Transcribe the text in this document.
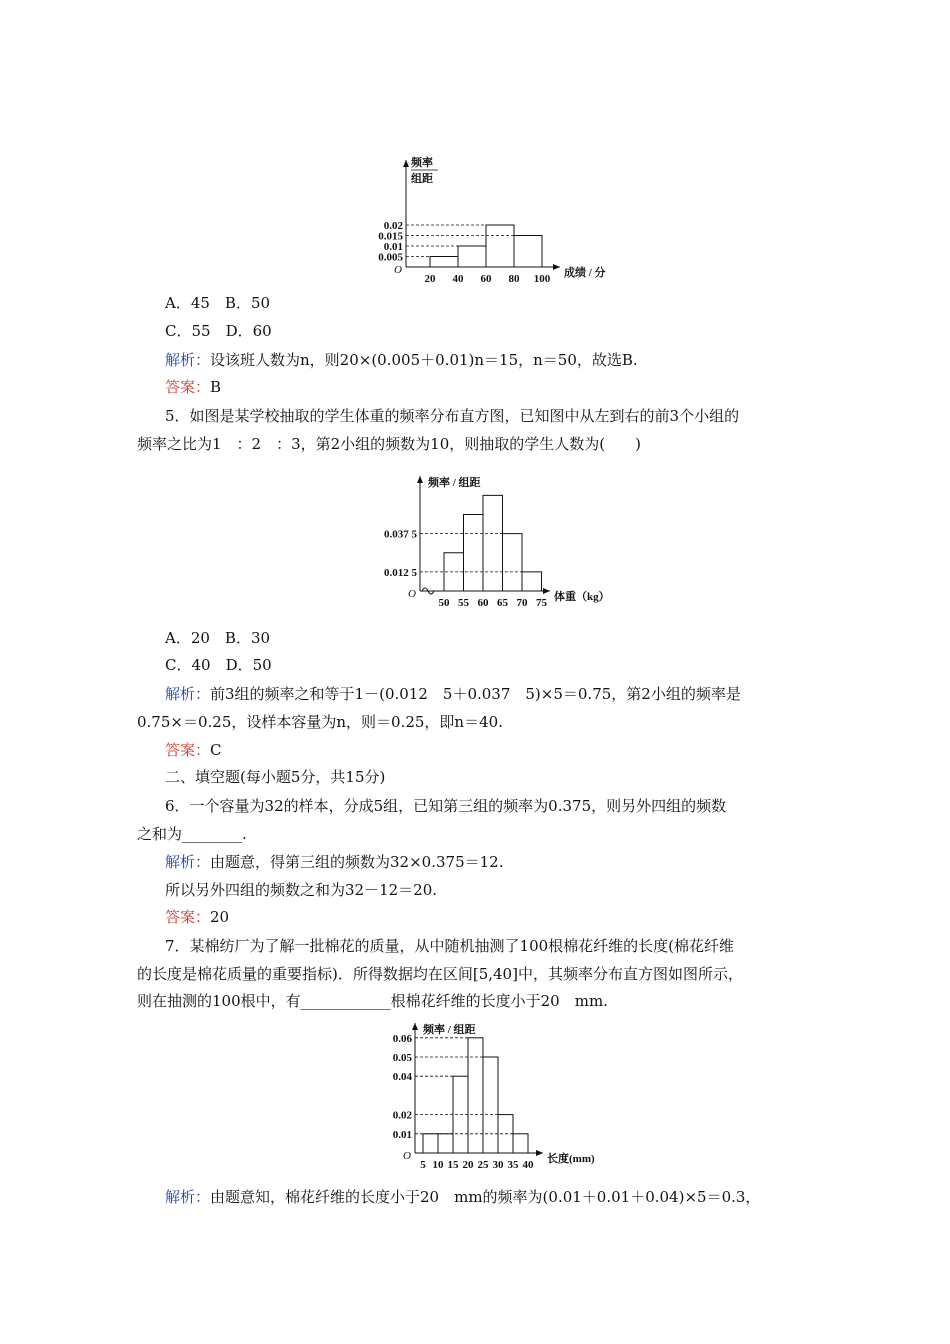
O
0.02
0.015
0.01
0.005
20 40 60 80 100 成绩 / 分
频率
组距
A．45　B．50
C．55　D．60
解析：设该班人数为n，则20×(0.005＋0.01)n＝15，n＝50，故选B.
答案：B
5．如图是某学校抽取的学生体重的频率分布直方图，已知图中从左到右的前3个小组的
频率之比为1　：2　：3，第2小组的频数为10，则抽取的学生人数为(　　)
O
0.037 5
0.012 5
50 55 60 65 70 75 体重（kg）
频率 / 组距
A．20　B．30
C．40　D．50
解析：前3组的频率之和等于1－(0.012　5＋0.037　5)×5＝0.75，第2小组的频率是
0.75×＝0.25，设样本容量为n，则＝0.25，即n＝40.
答案：C
二、填空题(每小题5分，共15分)
6．一个容量为32的样本，分成5组，已知第三组的频率为0.375，则另外四组的频数
之和为________.
解析：由题意，得第三组的频数为32×0.375＝12.
所以另外四组的频数之和为32－12＝20.
答案：20
7．某棉纺厂为了解一批棉花的质量，从中随机抽测了100根棉花纤维的长度(棉花纤维
的长度是棉花质量的重要指标)．所得数据均在区间[5,40]中，其频率分布直方图如图所示，
则在抽测的100根中，有____________根棉花纤维的长度小于20　mm.
O
0.06
0.05
0.04
0.02
0.01
5 10 15 20 25 30 35 40 长度(mm)
频率 / 组距
解析：由题意知，棉花纤维的长度小于20　mm的频率为(0.01＋0.01＋0.04)×5＝0.3，
